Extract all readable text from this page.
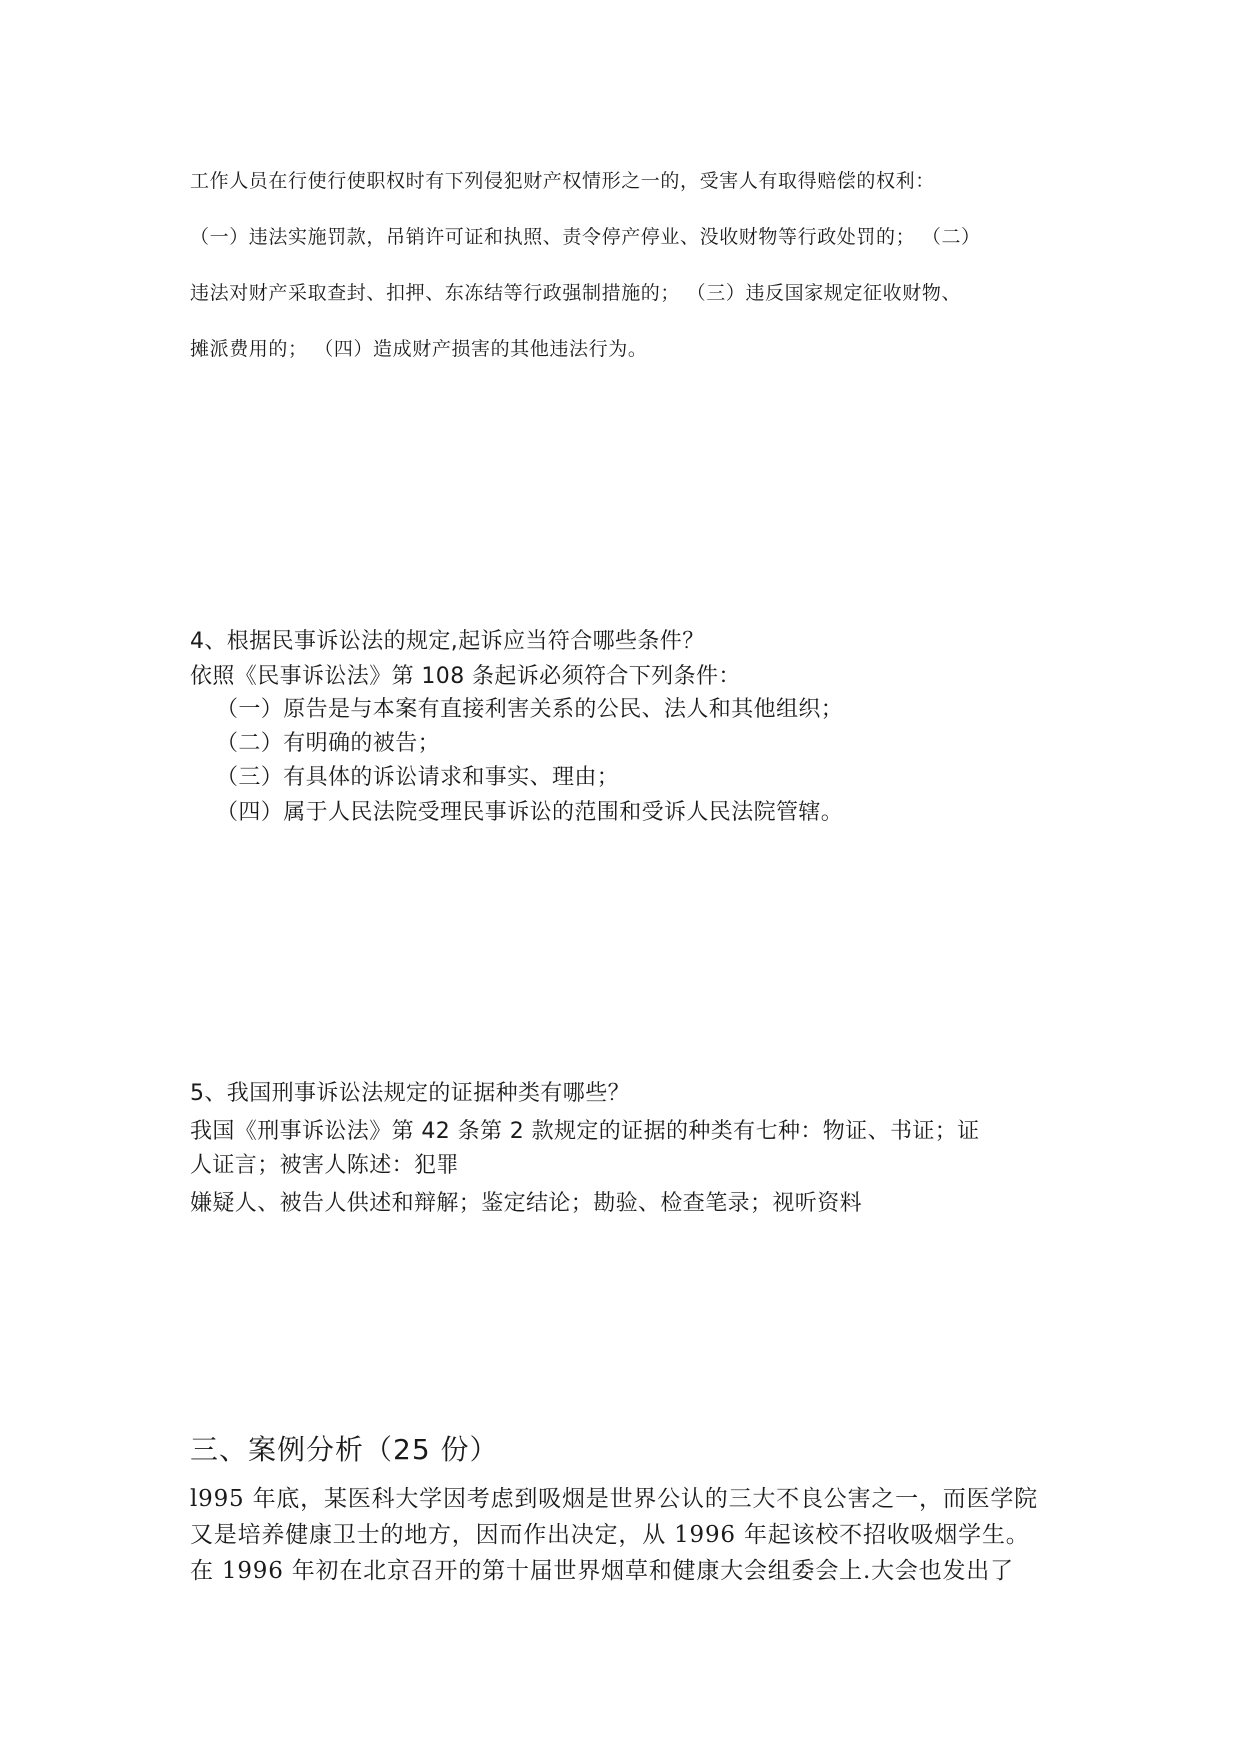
工作人员在行使行使职权时有下列侵犯财产权情形之一的，受害人有取得赔偿的权利：
（一）违法实施罚款，吊销许可证和执照、责令停产停业、没收财物等行政处罚的； （二）
违法对财产采取查封、扣押、东冻结等行政强制措施的； （三）违反国家规定征收财物、
摊派费用的； （四）造成财产损害的其他违法行为。
4、根据民事诉讼法的规定,起诉应当符合哪些条件？
依照《民事诉讼法》第 108 条起诉必须符合下列条件：
（一）原告是与本案有直接利害关系的公民、法人和其他组织；
（二）有明确的被告；
（三）有具体的诉讼请求和事实、理由；
（四）属于人民法院受理民事诉讼的范围和受诉人民法院管辖。
5、我国刑事诉讼法规定的证据种类有哪些？
我国《刑事诉讼法》第 42 条第 2 款规定的证据的种类有七种：物证、书证；证
人证言；被害人陈述：犯罪
嫌疑人、被告人供述和辩解；鉴定结论；勘验、检查笔录；视听资料
三、案例分析（25 份）
l995 年底，某医科大学因考虑到吸烟是世界公认的三大不良公害之一，而医学院
又是培养健康卫士的地方，因而作出决定，从 1996 年起该校不招收吸烟学生。
在 1996 年初在北京召开的第十届世界烟草和健康大会组委会上.大会也发出了
